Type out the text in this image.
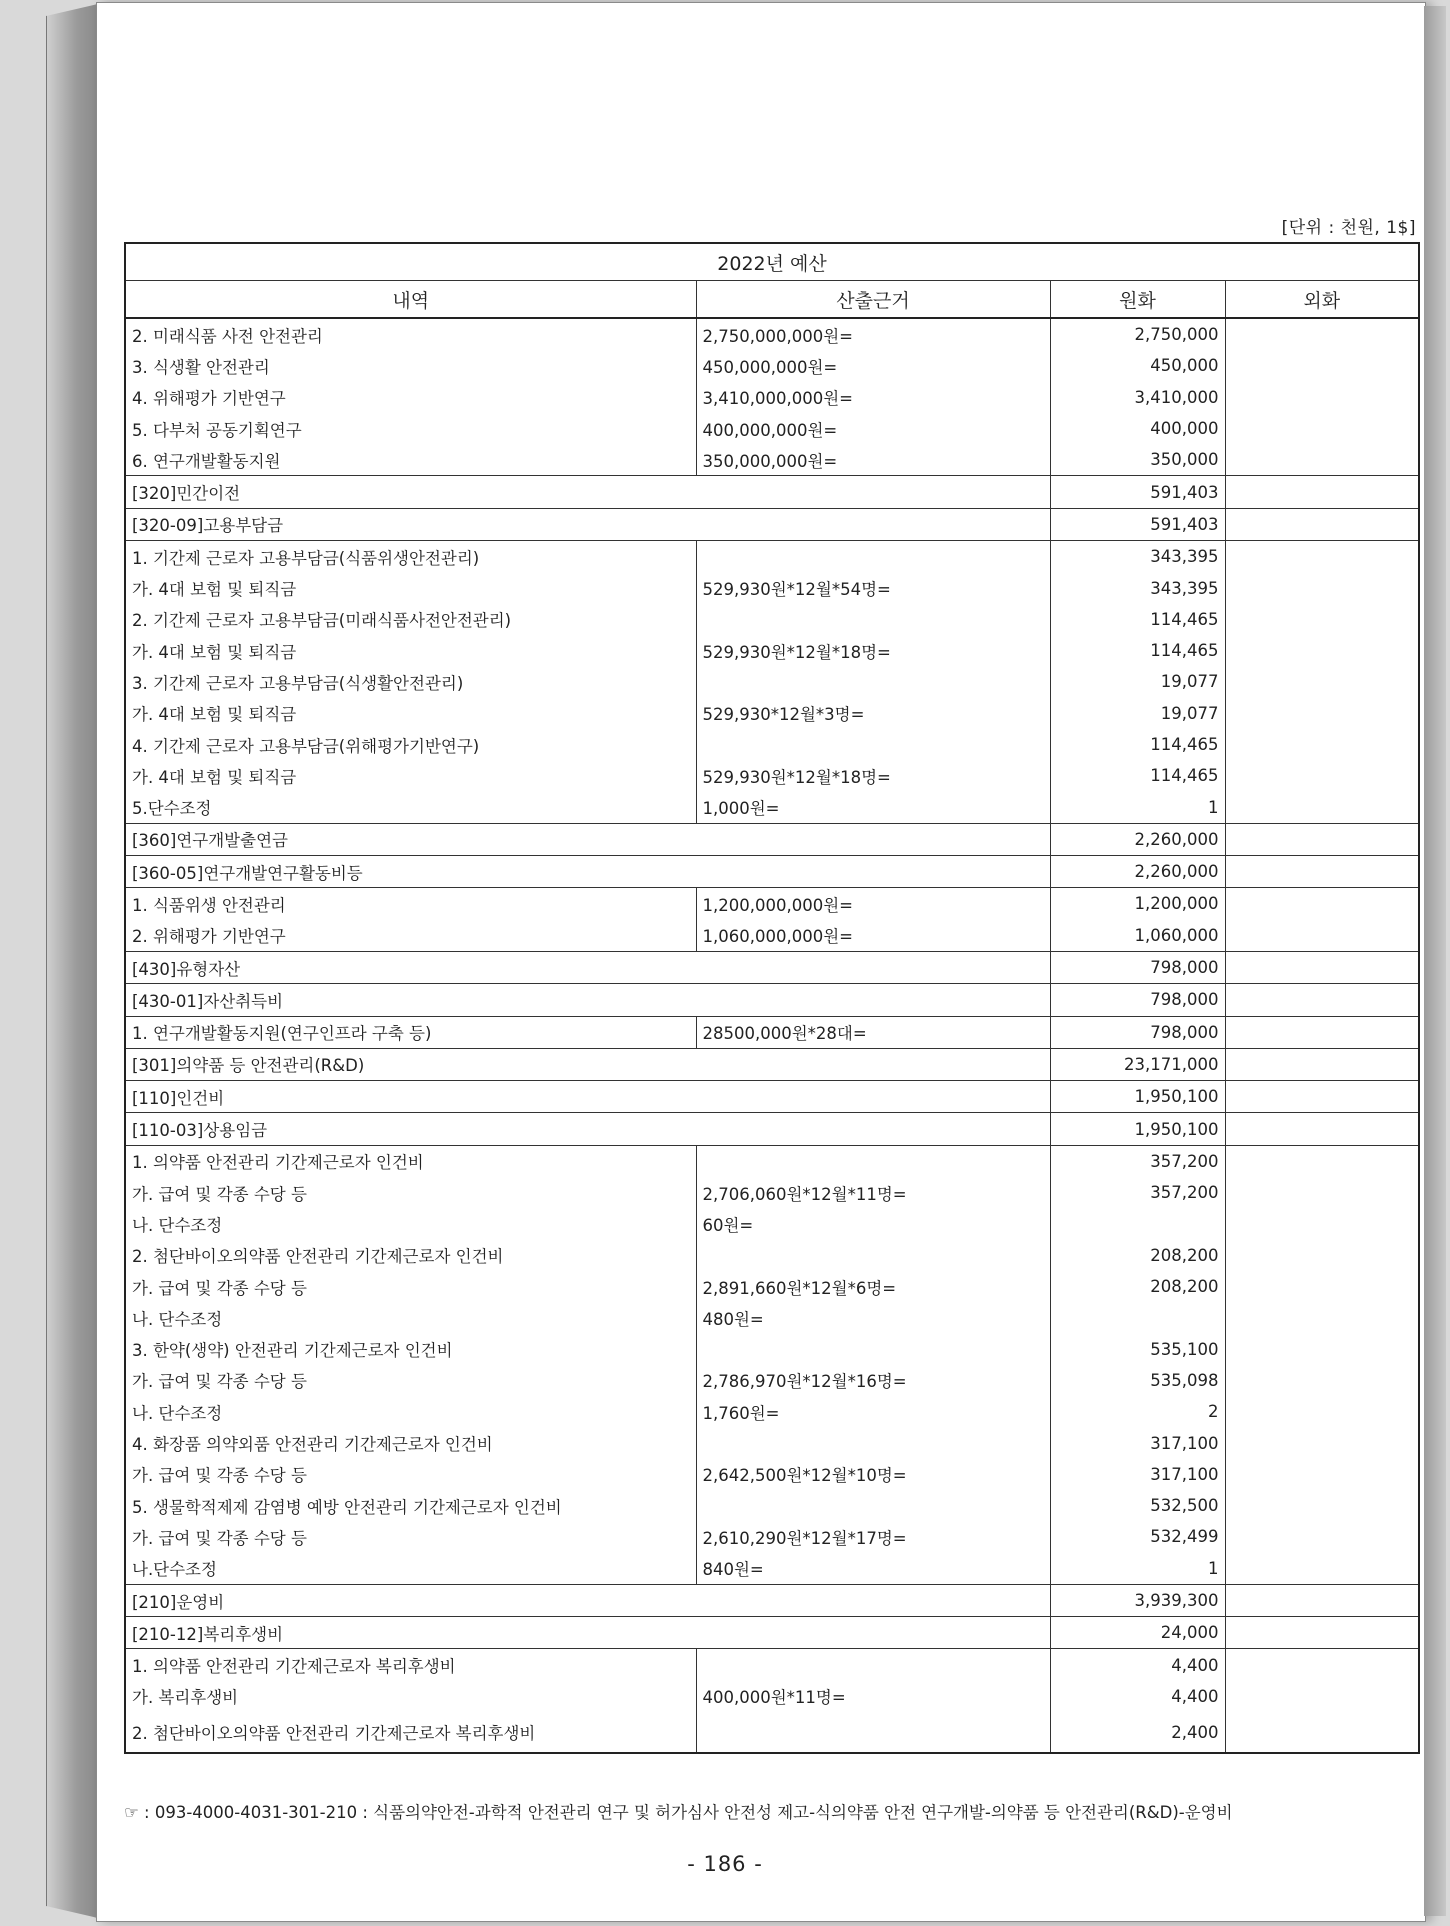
[단위 : 천원, 1$]
2022년 예산			
내역	산출근거	원화	외화
2. 미래식품 사전 안전관리	2,750,000,000원=	2,750,000	
3. 식생활 안전관리	450,000,000원=	450,000	
4. 위해평가 기반연구	3,410,000,000원=	3,410,000	
5. 다부처 공동기획연구	400,000,000원=	400,000	
6. 연구개발활동지원	350,000,000원=	350,000	
[320]민간이전		591,403	
[320-09]고용부담금		591,403	
1. 기간제 근로자 고용부담금(식품위생안전관리)		343,395	
가. 4대 보험 및 퇴직금	529,930원*12월*54명=	343,395	
2. 기간제 근로자 고용부담금(미래식품사전안전관리)		114,465	
가. 4대 보험 및 퇴직금	529,930원*12월*18명=	114,465	
3. 기간제 근로자 고용부담금(식생활안전관리)		19,077	
가. 4대 보험 및 퇴직금	529,930*12월*3명=	19,077	
4. 기간제 근로자 고용부담금(위해평가기반연구)		114,465	
가. 4대 보험 및 퇴직금	529,930원*12월*18명=	114,465	
5.단수조정	1,000원=	1	
[360]연구개발출연금		2,260,000	
[360-05]연구개발연구활동비등		2,260,000	
1. 식품위생 안전관리	1,200,000,000원=	1,200,000	
2. 위해평가 기반연구	1,060,000,000원=	1,060,000	
[430]유형자산		798,000	
[430-01]자산취득비		798,000	
1. 연구개발활동지원(연구인프라 구축 등)	28500,000원*28대=	798,000	
[301]의약품 등 안전관리(R&D)		23,171,000	
[110]인건비		1,950,100	
[110-03]상용임금		1,950,100	
1. 의약품 안전관리 기간제근로자 인건비		357,200	
가. 급여 및 각종 수당 등	2,706,060원*12월*11명=	357,200	
나. 단수조정	60원=		
2. 첨단바이오의약품 안전관리 기간제근로자 인건비		208,200	
가. 급여 및 각종 수당 등	2,891,660원*12월*6명=	208,200	
나. 단수조정	480원=		
3. 한약(생약) 안전관리 기간제근로자 인건비		535,100	
가. 급여 및 각종 수당 등	2,786,970원*12월*16명=	535,098	
나. 단수조정	1,760원=	2	
4. 화장품 의약외품 안전관리 기간제근로자 인건비		317,100	
가. 급여 및 각종 수당 등	2,642,500원*12월*10명=	317,100	
5. 생물학적제제 감염병 예방 안전관리 기간제근로자 인건비		532,500	
가. 급여 및 각종 수당 등	2,610,290원*12월*17명=	532,499	
나.단수조정	840원=	1	
[210]운영비		3,939,300	
[210-12]복리후생비		24,000	
1. 의약품 안전관리 기간제근로자 복리후생비		4,400	
가. 복리후생비	400,000원*11명=	4,400	
2. 첨단바이오의약품 안전관리 기간제근로자 복리후생비		2,400	
☞ : 093-4000-4031-301-210 : 식품의약안전-과학적 안전관리 연구 및 허가심사 안전성 제고-식의약품 안전 연구개발-의약품 등 안전관리(R&D)-운영비
- 186 -
